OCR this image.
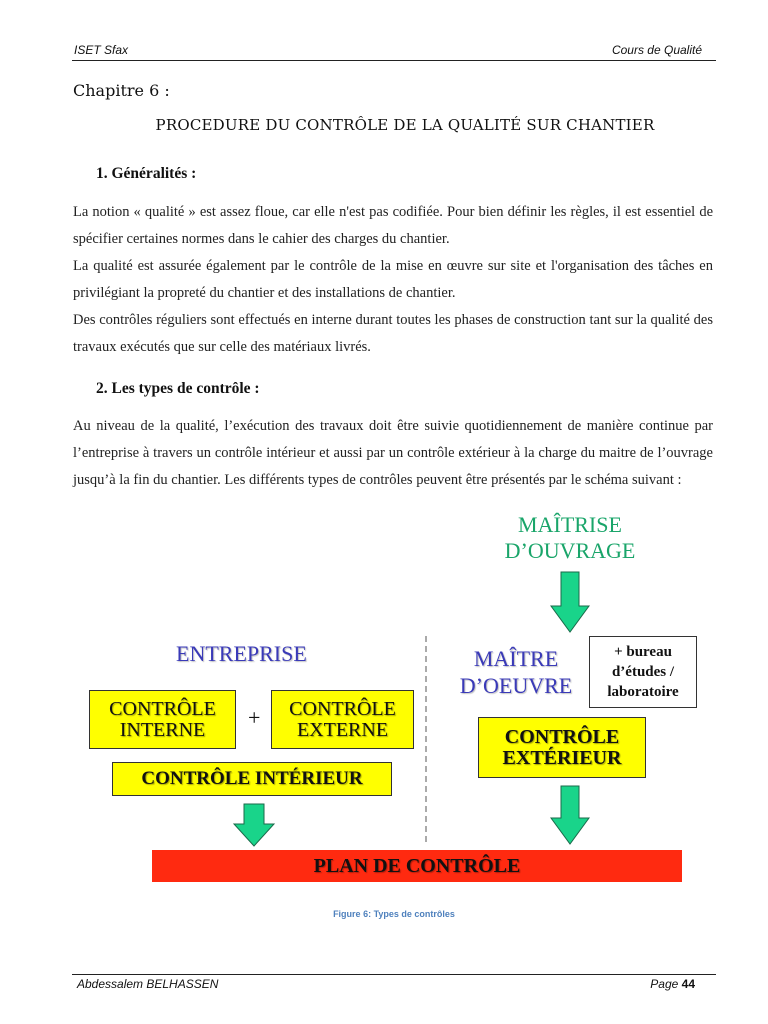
ISET Sfax	Cours de Qualité
Chapitre 6 :
PROCEDURE DU CONTRÔLE DE LA QUALITÉ SUR CHANTIER
1. Généralités :
La notion « qualité » est assez floue, car elle n'est pas codifiée. Pour bien définir les règles, il est essentiel de spécifier certaines normes dans le cahier des charges du chantier.
La qualité est assurée également par le contrôle de la mise en œuvre sur site et l'organisation des tâches en privilégiant la propreté du chantier et des installations de chantier.
Des contrôles réguliers sont effectués en interne durant toutes les phases de construction tant sur la qualité des travaux exécutés que sur celle des matériaux livrés.
2. Les types de contrôle :
Au niveau de la qualité, l’exécution des travaux doit être suivie quotidiennement de manière continue par l’entreprise à travers un contrôle intérieur et aussi par un contrôle extérieur à la charge du maitre de l’ouvrage jusqu’à la fin du chantier. Les différents types de contrôles peuvent être présentés par le schéma suivant :
MAÎTRISE
D’OUVRAGE
ENTREPRISE	MAÎTRE
D’OEUVRE
+ bureau
d’études /
laboratoire
CONTRÔLE
INTERNE + CONTRÔLE
EXTERNE
CONTRÔLE INTÉRIEUR
CONTRÔLE
EXTÉRIEUR
PLAN DE CONTRÔLE
Figure 6: Types de contrôles
Abdessalem BELHASSEN	Page 44
